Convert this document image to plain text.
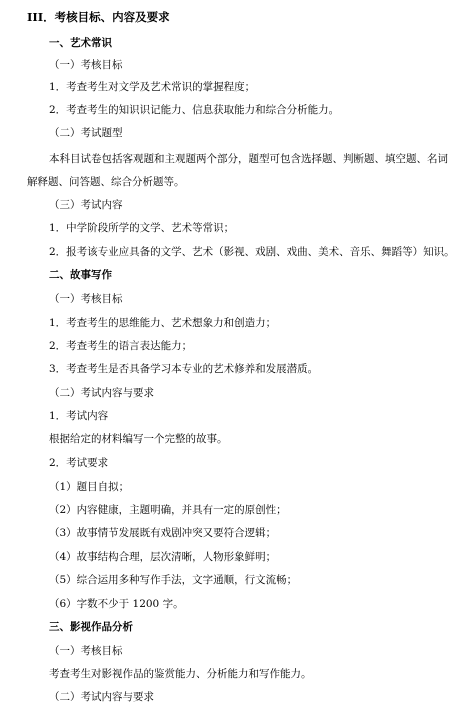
III．考核目标、内容及要求
一、艺术常识
（一）考核目标
1．考查考生对文学及艺术常识的掌握程度；
2．考查考生的知识识记能力、信息获取能力和综合分析能力。
（二）考试题型
本科目试卷包括客观题和主观题两个部分，题型可包含选择题、判断题、填空题、名词
解释题、问答题、综合分析题等。
（三）考试内容
1．中学阶段所学的文学、艺术等常识；
2．报考该专业应具备的文学、艺术（影视、戏剧、戏曲、美术、音乐、舞蹈等）知识。
二、故事写作
（一）考核目标
1．考查考生的思维能力、艺术想象力和创造力；
2．考查考生的语言表达能力；
3．考查考生是否具备学习本专业的艺术修养和发展潜质。
（二）考试内容与要求
1．考试内容
根据给定的材料编写一个完整的故事。
2．考试要求
（1）题目自拟；
（2）内容健康，主题明确，并具有一定的原创性；
（3）故事情节发展既有戏剧冲突又要符合逻辑；
（4）故事结构合理，层次清晰，人物形象鲜明；
（5）综合运用多种写作手法，文字通顺，行文流畅；
（6）字数不少于 1200 字。
三、影视作品分析
（一）考核目标
考查考生对影视作品的鉴赏能力、分析能力和写作能力。
（二）考试内容与要求
